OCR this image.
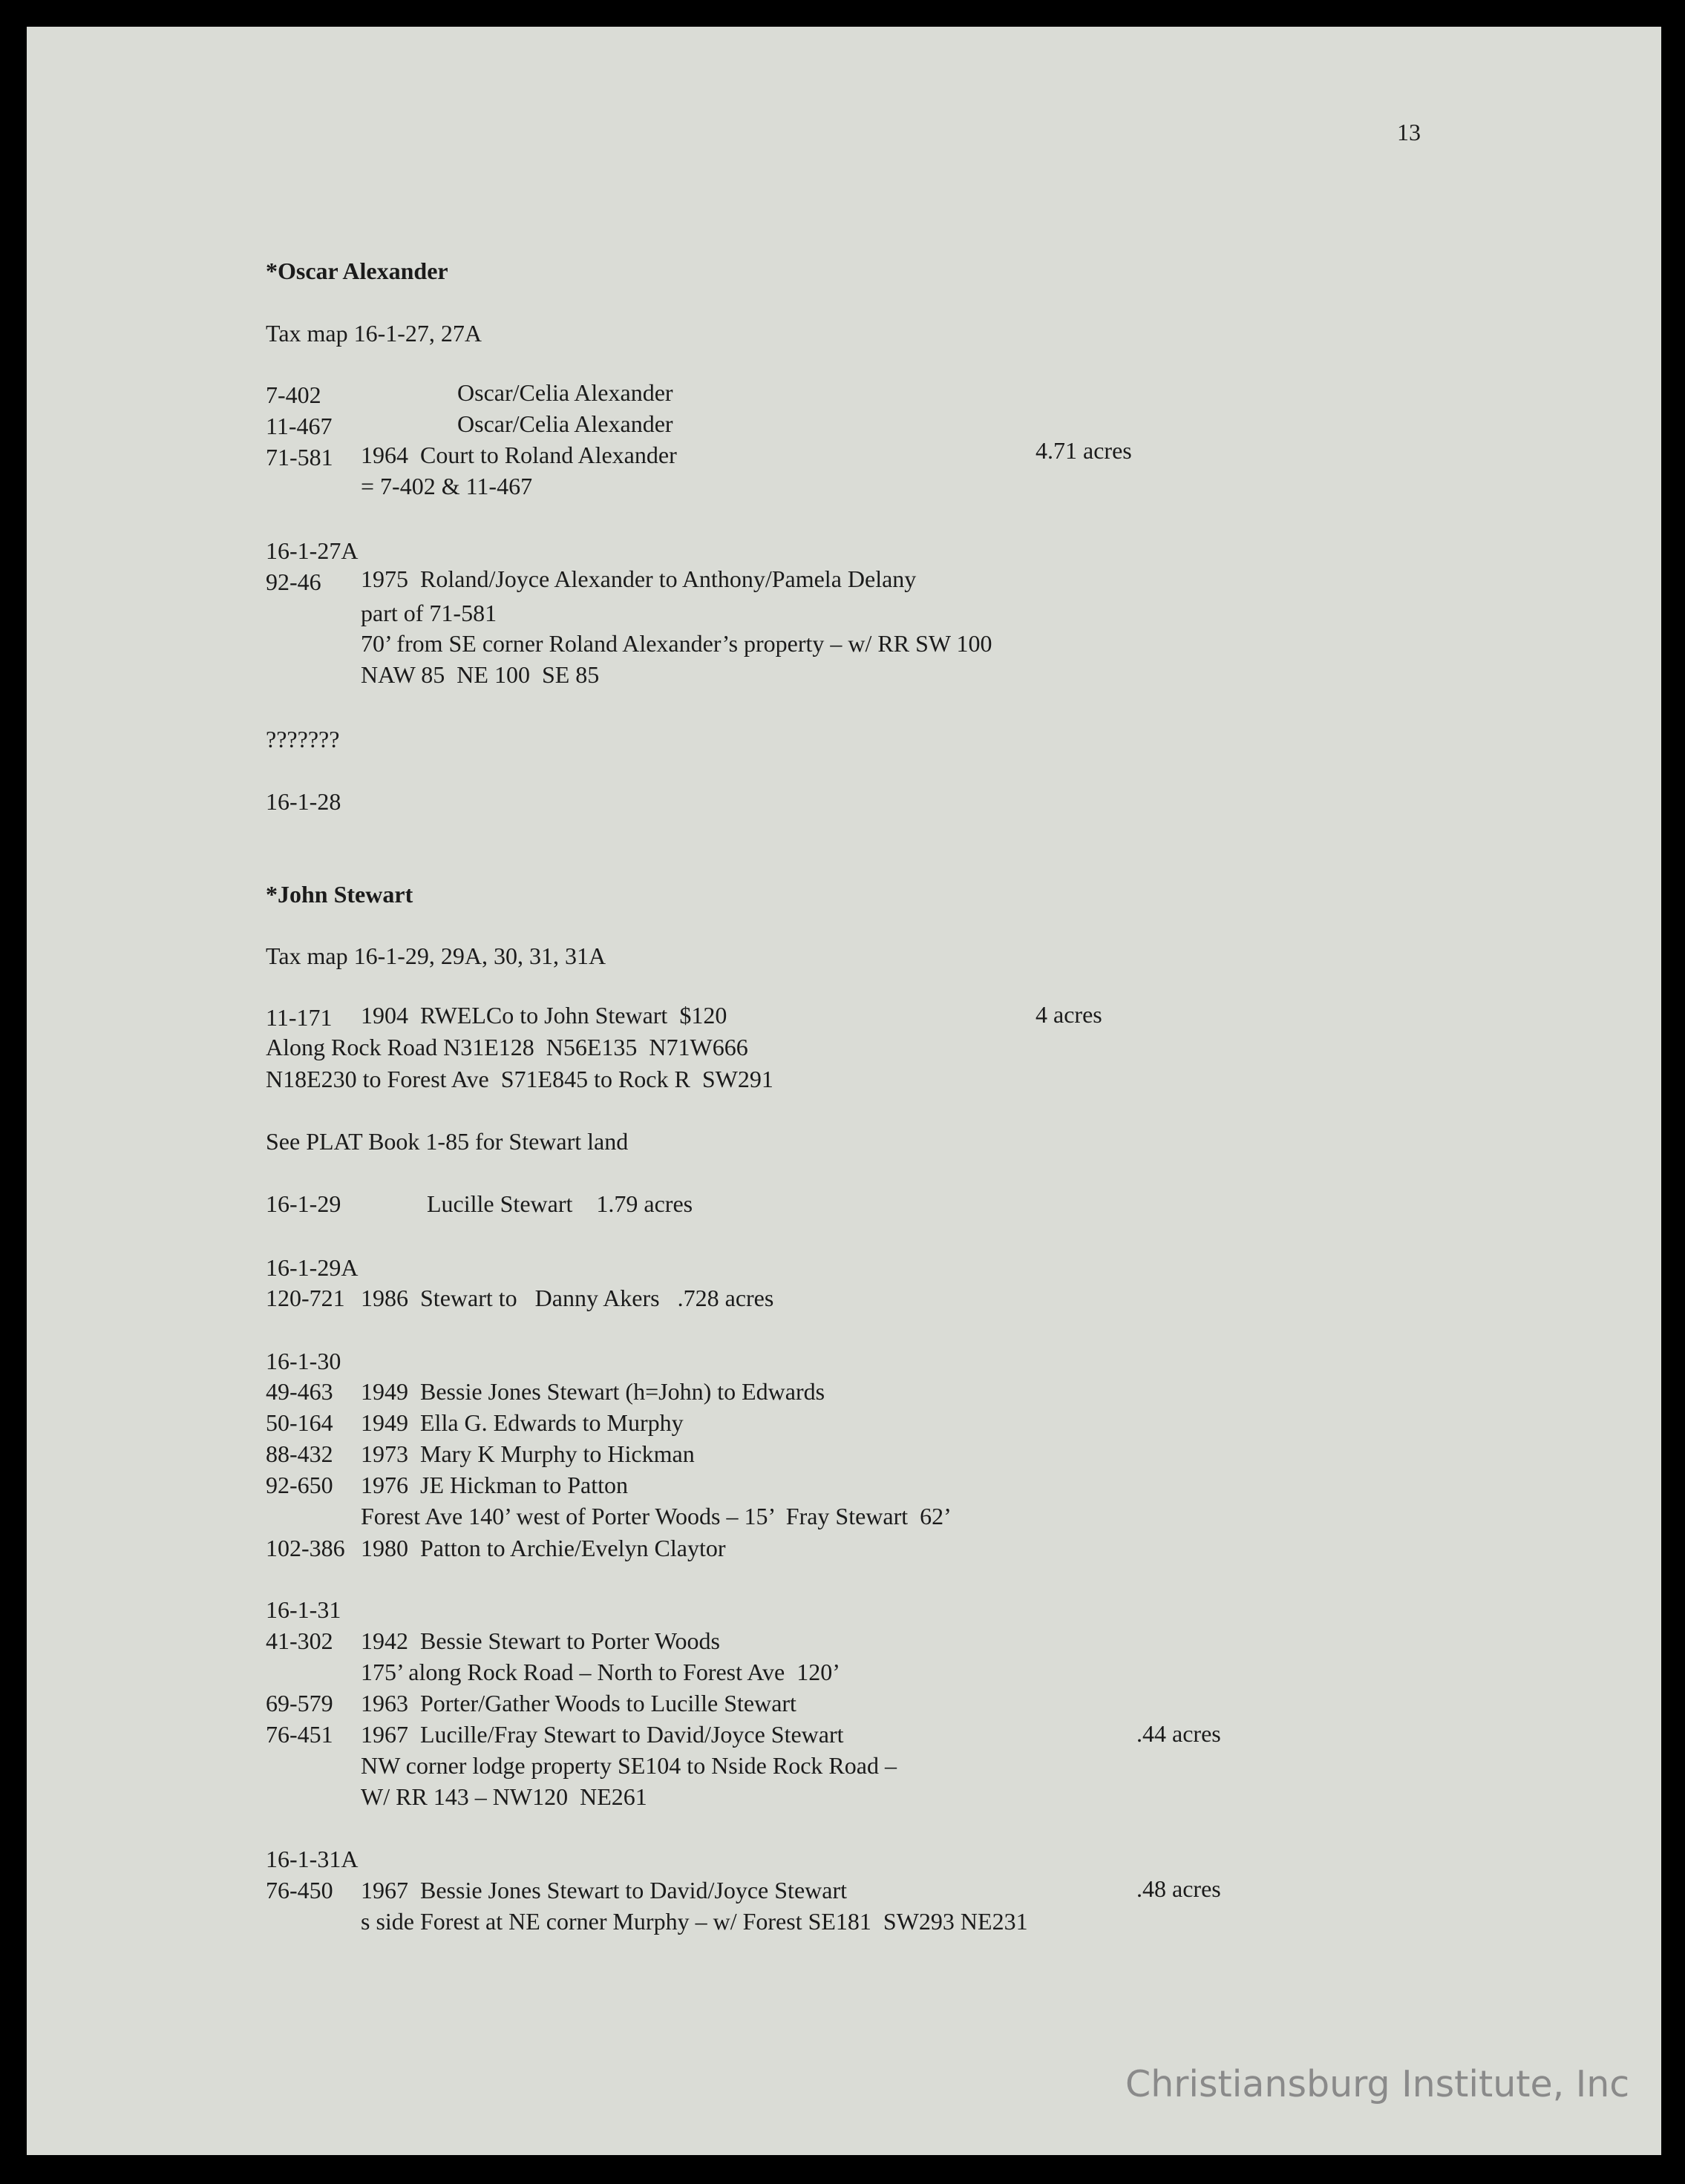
13
*Oscar Alexander
Tax map 16-1-27, 27A
7-402	Oscar/Celia Alexander
11-467	Oscar/Celia Alexander
71-581 1964  Court to Roland Alexander	4.71 acres
= 7-402 & 11-467
16-1-27A
92-46 1975  Roland/Joyce Alexander to Anthony/Pamela Delany
part of 71-581
70’ from SE corner Roland Alexander’s property – w/ RR SW 100
NAW 85  NE 100  SE 85
???????
16-1-28
*John Stewart
Tax map 16-1-29, 29A, 30, 31, 31A
11-171 1904  RWELCo to John Stewart  $120	4 acres
Along Rock Road N31E128  N56E135  N71W666
N18E230 to Forest Ave  S71E845 to Rock R  SW291
See PLAT Book 1-85 for Stewart land
16-1-29	Lucille Stewart    1.79 acres
16-1-29A
120-721 1986  Stewart to   Danny Akers   .728 acres
16-1-30
49-463 1949  Bessie Jones Stewart (h=John) to Edwards
50-164 1949  Ella G. Edwards to Murphy
88-432 1973  Mary K Murphy to Hickman
92-650 1976  JE Hickman to Patton
Forest Ave 140’ west of Porter Woods – 15’  Fray Stewart  62’
102-386 1980  Patton to Archie/Evelyn Claytor
16-1-31
41-302 1942  Bessie Stewart to Porter Woods
175’ along Rock Road – North to Forest Ave  120’
69-579 1963  Porter/Gather Woods to Lucille Stewart
76-451 1967  Lucille/Fray Stewart to David/Joyce Stewart	.44 acres
NW corner lodge property SE104 to Nside Rock Road –
W/ RR 143 – NW120  NE261
16-1-31A
76-450 1967  Bessie Jones Stewart to David/Joyce Stewart	.48 acres
s side Forest at NE corner Murphy – w/ Forest SE181  SW293 NE231
Christiansburg Institute, Inc
